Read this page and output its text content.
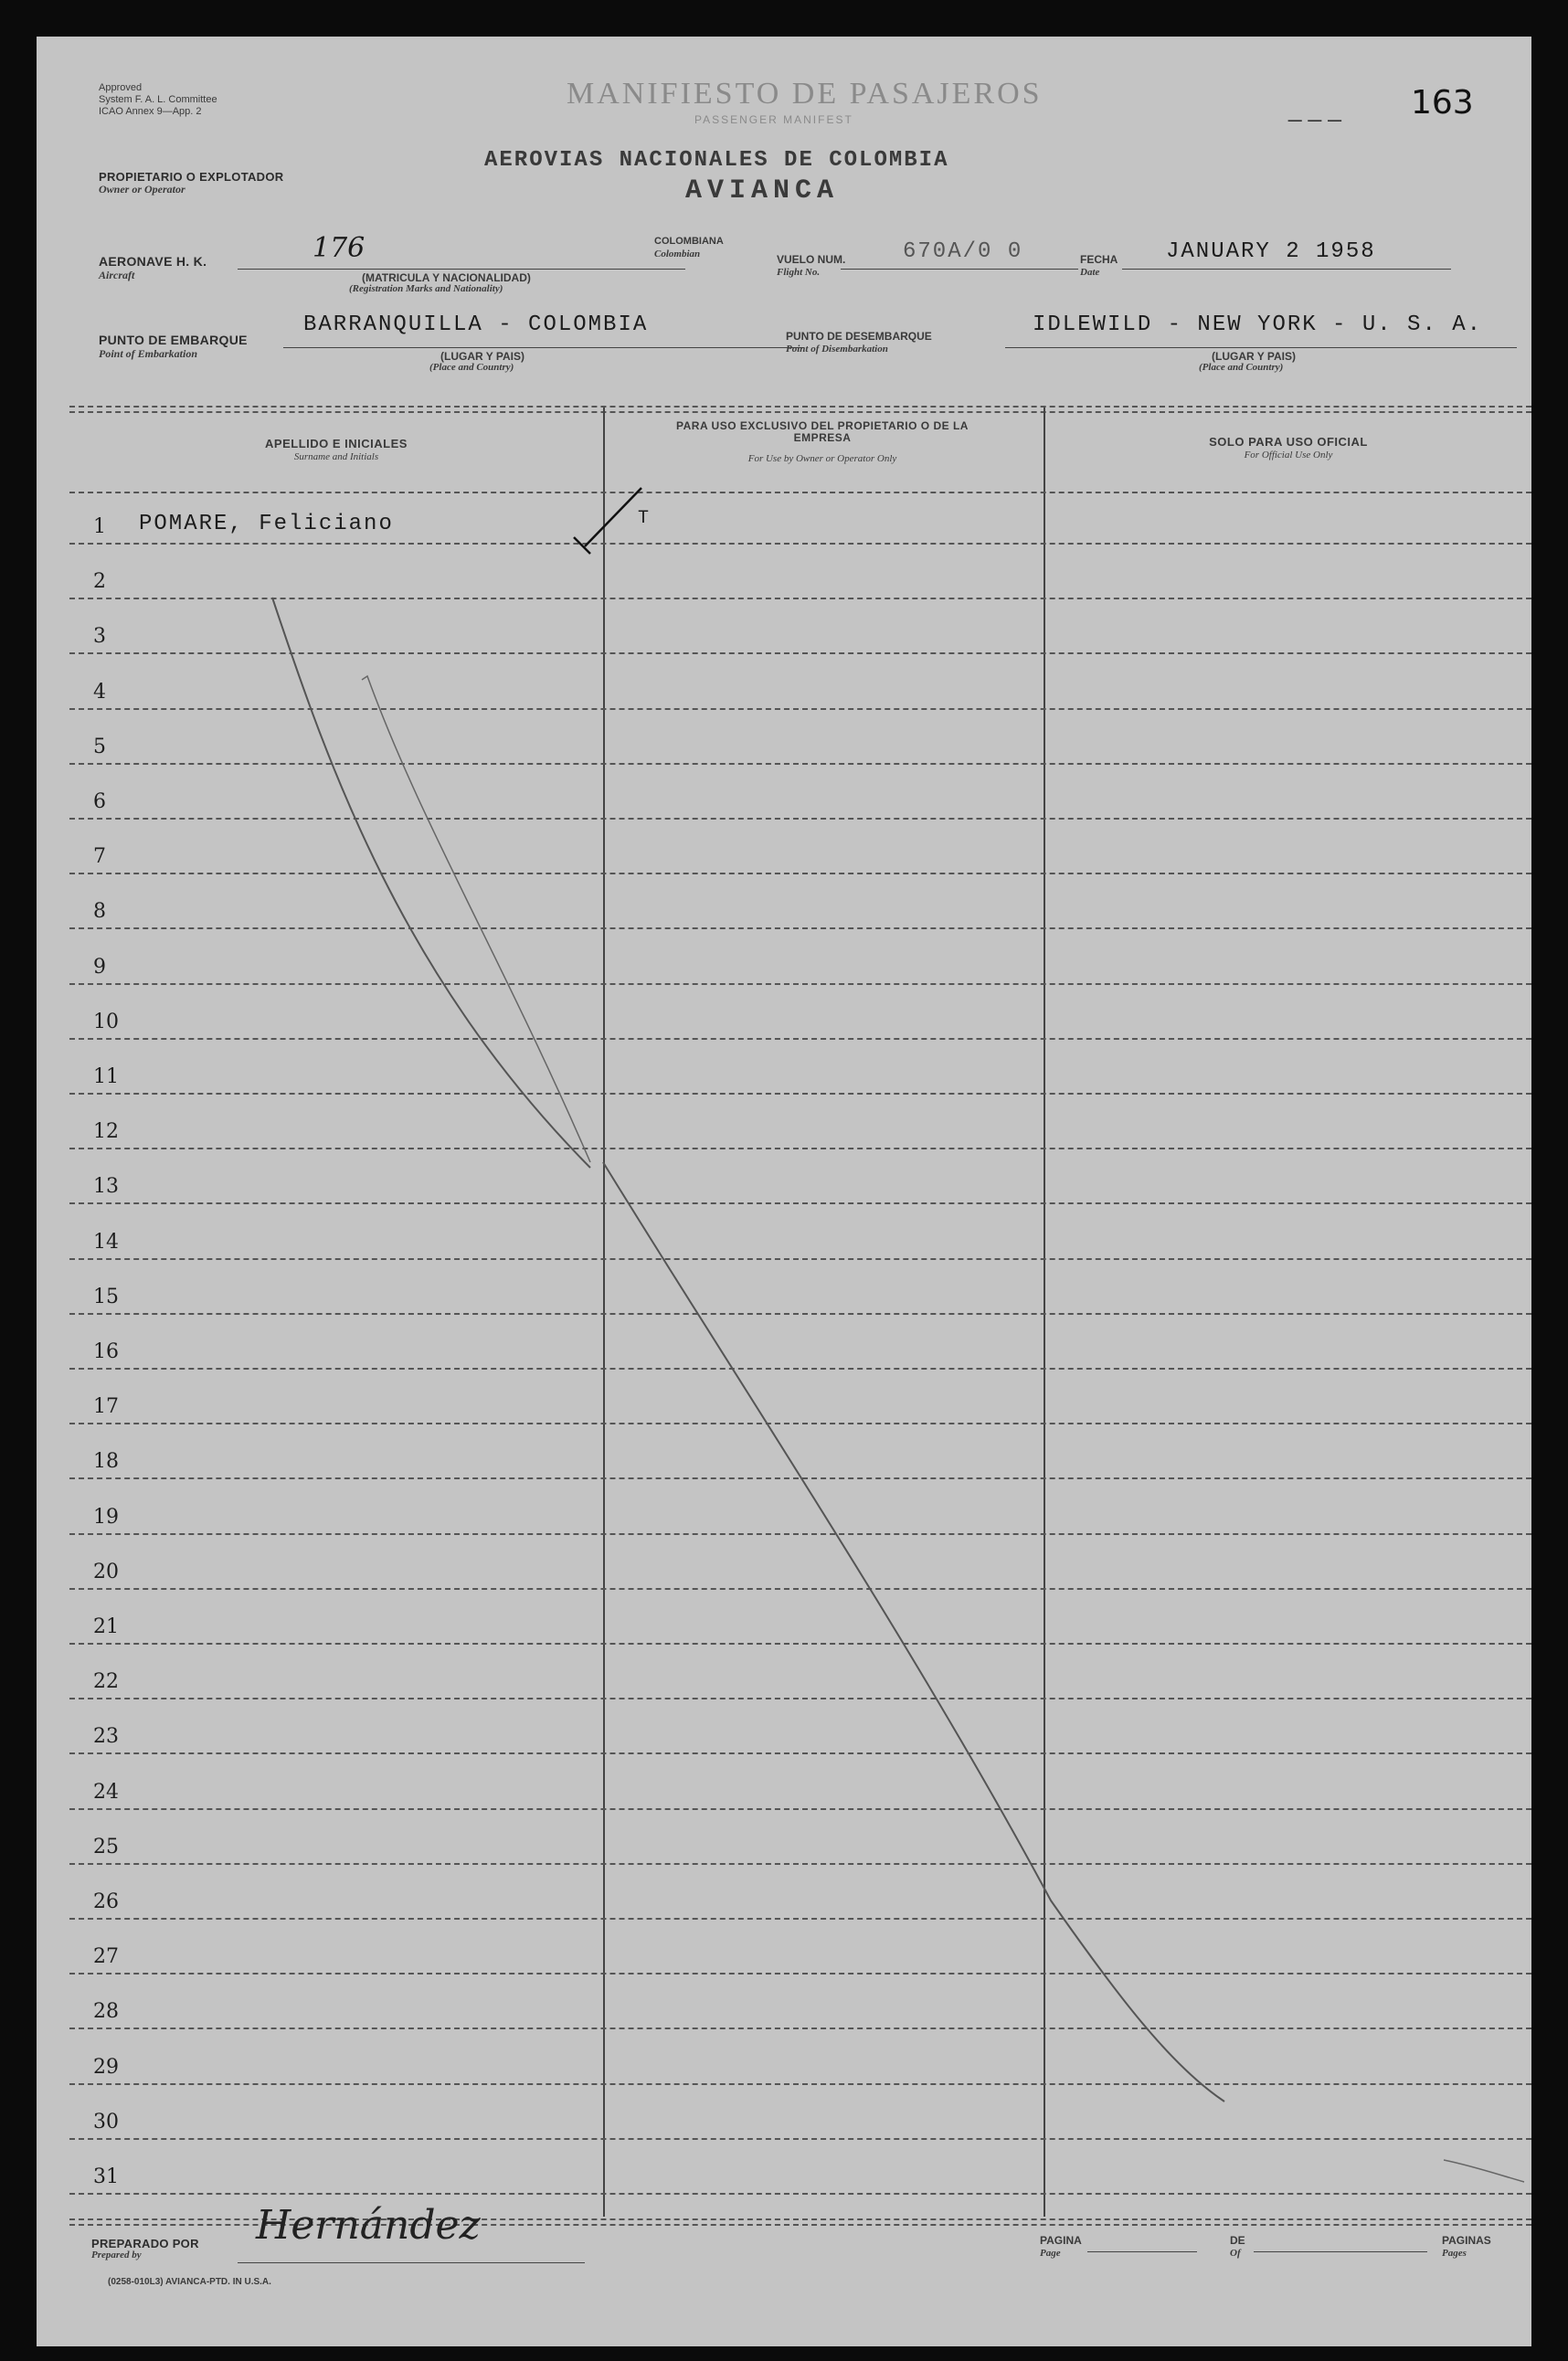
Approved
System F. A. L. Committee
ICAO Annex 9—App. 2
MANIFIESTO DE PASAJEROS
PASSENGER MANIFEST	_ _ _ 163
PROPIETARIO O EXPLOTADOR
Owner or Operator
AEROVIAS NACIONALES DE COLOMBIA
AVIANCA
AERONAVE H. K.
Aircraft
176
(MATRICULA Y NACIONALIDAD)
(Registration Marks and Nationality)
COLOMBIANA
Colombian	VUELO NUM.
Flight No.
670A/0 0	FECHA
Date
JANUARY 2 1958
PUNTO DE EMBARQUE
Point of Embarkation
BARRANQUILLA - COLOMBIA
(LUGAR Y PAIS)
(Place and Country)
PUNTO DE DESEMBARQUE
Point of Disembarkation
IDLEWILD - NEW YORK - U. S. A.
(LUGAR Y PAIS)
(Place and Country)
APELLIDO E INICIALES
Surname and Initials
PARA USO EXCLUSIVO DEL PROPIETARIO O DE LA EMPRESA
For Use by Owner or Operator Only
SOLO PARA USO OFICIAL
For Official Use Only
1	POMARE, Feliciano	T
2
3
4
5
6
7
8
9
10
11
12
13
14
15
16
17
18
19
20
21
22
23
24
25
26
27
28
29
30
31
PREPARADO POR
Prepared by
Hernández
(0258-010L3) AVIANCA-PTD. IN U.S.A.
PAGINA
Page
DE
Of
PAGINAS
Pages
